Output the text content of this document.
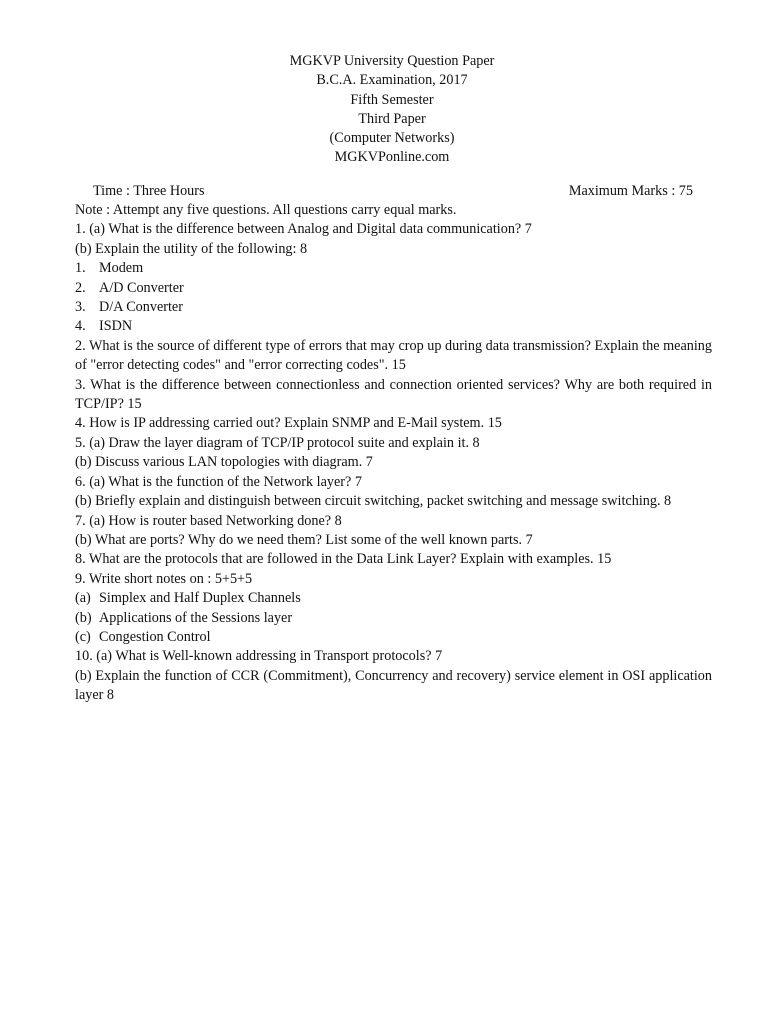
MGKVP University Question Paper
B.C.A. Examination, 2017
Fifth Semester
Third Paper
(Computer Networks)
MGKVPonline.com
Time : Three Hours	Maximum Marks : 75
Note : Attempt any five questions. All questions carry equal marks.
1. (a) What is the difference between Analog and Digital data communication? 7
(b) Explain the utility of the following: 8
1. Modem
2. A/D Converter
3. D/A Converter
4. ISDN
2. What is the source of different type of errors that may crop up during data transmission? Explain the meaning of "error detecting codes" and "error correcting codes". 15
3. What is the difference between connectionless and connection oriented services? Why are both required in TCP/IP? 15
4. How is IP addressing carried out? Explain SNMP and E-Mail system. 15
5. (a) Draw the layer diagram of TCP/IP protocol suite and explain it. 8
(b) Discuss various LAN topologies with diagram. 7
6. (a) What is the function of the Network layer? 7
(b) Briefly explain and distinguish between circuit switching, packet switching and message switching. 8
7. (a) How is router based Networking done? 8
(b) What are ports? Why do we need them? List some of the well known parts. 7
8. What are the protocols that are followed in the Data Link Layer? Explain with examples. 15
9. Write short notes on : 5+5+5
(a) Simplex and Half Duplex Channels
(b) Applications of the Sessions layer
(c) Congestion Control
10. (a) What is Well-known addressing in Transport protocols? 7
(b) Explain the function of CCR (Commitment), Concurrency and recovery) service element in OSI application layer 8
